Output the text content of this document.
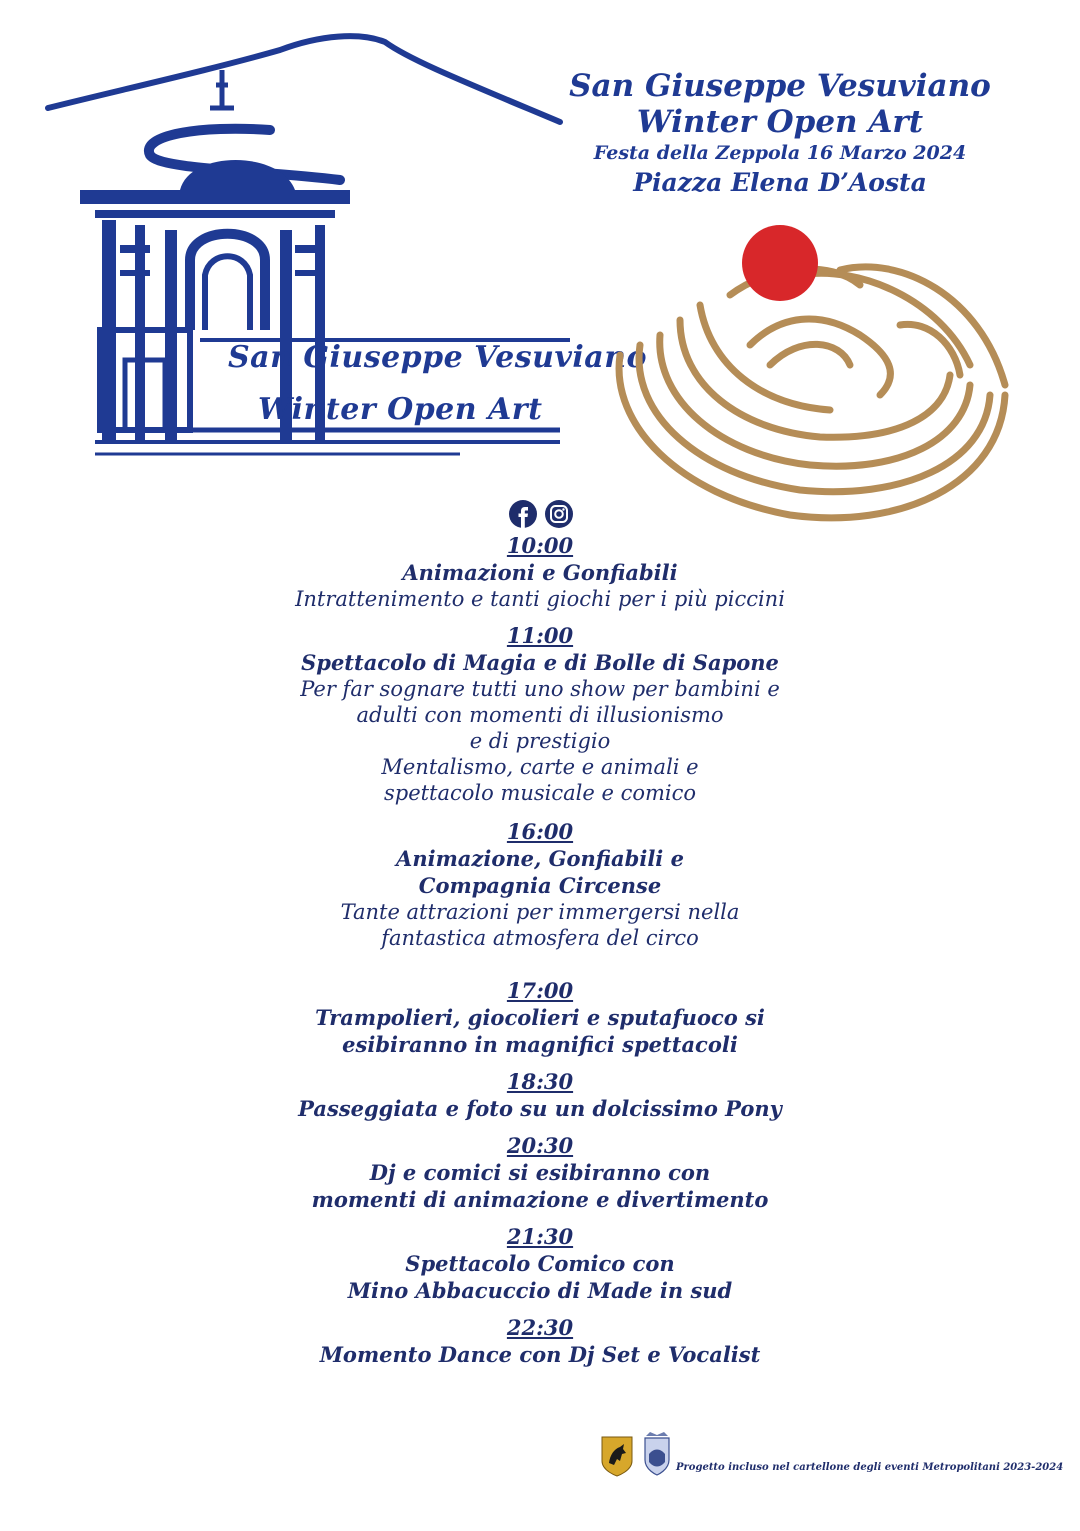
San Giuseppe Vesuviano
Winter Open Art
San Giuseppe Vesuviano
Winter Open Art
Festa della Zeppola 16 Marzo 2024
Piazza Elena D’Aosta
10:00
Animazioni e Gonfiabili
Intrattenimento e tanti giochi per i più piccini
11:00
Spettacolo di Magia e di Bolle di Sapone
Per far sognare tutti uno show per bambini e
adulti con momenti di illusionismo
e di prestigio
Mentalismo, carte e animali e
spettacolo musicale e comico
16:00
Animazione, Gonfiabili e
Compagnia Circense
Tante attrazioni per immergersi nella
fantastica atmosfera del circo
17:00
Trampolieri, giocolieri e sputafuoco si
esibiranno in magnifici spettacoli
18:30
Passeggiata e foto su un dolcissimo Pony
20:30
Dj e comici si esibiranno con
momenti di animazione e divertimento
21:30
Spettacolo Comico con
Mino Abbacuccio di Made in sud
22:30
Momento Dance con Dj Set e Vocalist
Progetto incluso nel cartellone degli eventi Metropolitani 2023-2024
